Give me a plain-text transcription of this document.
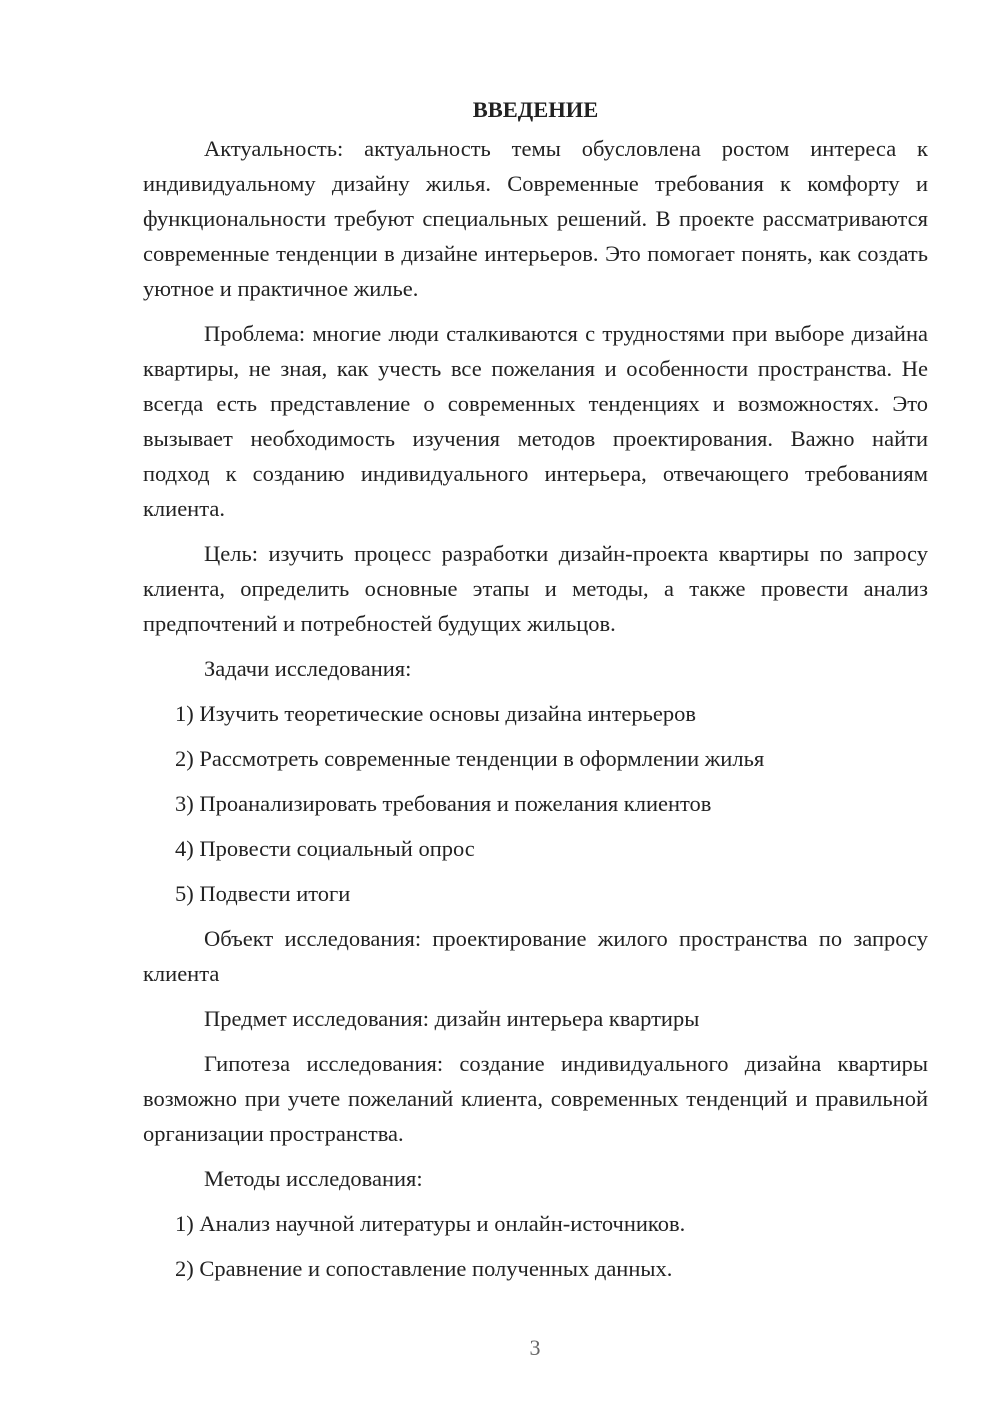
ВВЕДЕНИЕ
Актуальность: актуальность темы обусловлена ростом интереса к индивидуальному дизайну жилья. Современные требования к комфорту и функциональности требуют специальных решений. В проекте рассматриваются современные тенденции в дизайне интерьеров. Это помогает понять, как создать уютное и практичное жилье.
Проблема: многие люди сталкиваются с трудностями при выборе дизайна квартиры, не зная, как учесть все пожелания и особенности пространства. Не всегда есть представление о современных тенденциях и возможностях. Это вызывает необходимость изучения методов проектирования. Важно найти подход к созданию индивидуального интерьера, отвечающего требованиям клиента.
Цель: изучить процесс разработки дизайн-проекта квартиры по запросу клиента, определить основные этапы и методы, а также провести анализ предпочтений и потребностей будущих жильцов.
Задачи исследования:
1) Изучить теоретические основы дизайна интерьеров
2) Рассмотреть современные тенденции в оформлении жилья
3) Проанализировать требования и пожелания клиентов
4) Провести социальный опрос
5) Подвести итоги
Объект исследования: проектирование жилого пространства по запросу клиента
Предмет исследования: дизайн интерьера квартиры
Гипотеза исследования: создание индивидуального дизайна квартиры возможно при учете пожеланий клиента, современных тенденций и правильной организации пространства.
Методы исследования:
1) Анализ научной литературы и онлайн-источников.
2) Сравнение и сопоставление полученных данных.
3
